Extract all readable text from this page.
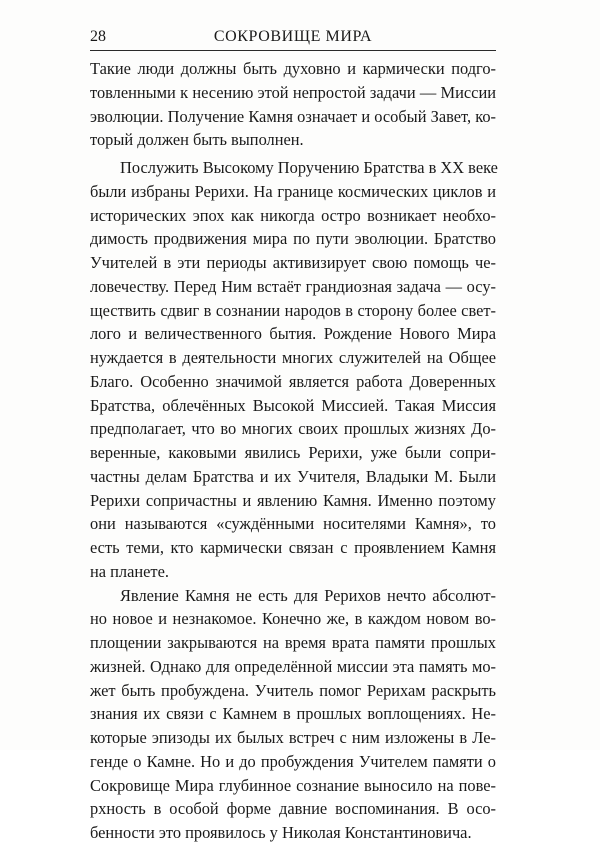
28	СОКРОВИЩЕ МИРА
Такие люди должны быть духовно и кармически подго-
товленными к несению этой непростой задачи — Миссии
эволюции. Получение Камня означает и особый Завет, ко-
торый должен быть выполнен.
Послужить Высокому Поручению Братства в XX веке
были избраны Рерихи. На границе космических циклов и
исторических эпох как никогда остро возникает необхо-
димость продвижения мира по пути эволюции. Братство
Учителей в эти периоды активизирует свою помощь че-
ловечеству. Перед Ним встаёт грандиозная задача — осу-
ществить сдвиг в сознании народов в сторону более свет-
лого и величественного бытия. Рождение Нового Мира
нуждается в деятельности многих служителей на Общее
Благо. Особенно значимой является работа Доверенных
Братства, облечённых Высокой Миссией. Такая Миссия
предполагает, что во многих своих прошлых жизнях До-
веренные, каковыми явились Рерихи, уже были сопри-
частны делам Братства и их Учителя, Владыки М. Были
Рерихи сопричастны и явлению Камня. Именно поэтому
они называются «суждёнными носителями Камня», то
есть теми, кто кармически связан с проявлением Камня
на планете.
Явление Камня не есть для Рерихов нечто абсолют-
но новое и незнакомое. Конечно же, в каждом новом во-
площении закрываются на время врата памяти прошлых
жизней. Однако для определённой миссии эта память мо-
жет быть пробуждена. Учитель помог Рерихам раскрыть
знания их связи с Камнем в прошлых воплощениях. Не-
которые эпизоды их былых встреч с ним изложены в Ле-
генде о Камне. Но и до пробуждения Учителем памяти о
Сокровище Мира глубинное сознание выносило на пове-
рхность в особой форме давние воспоминания. В осо-
бенности это проявилось у Николая Константиновича.
